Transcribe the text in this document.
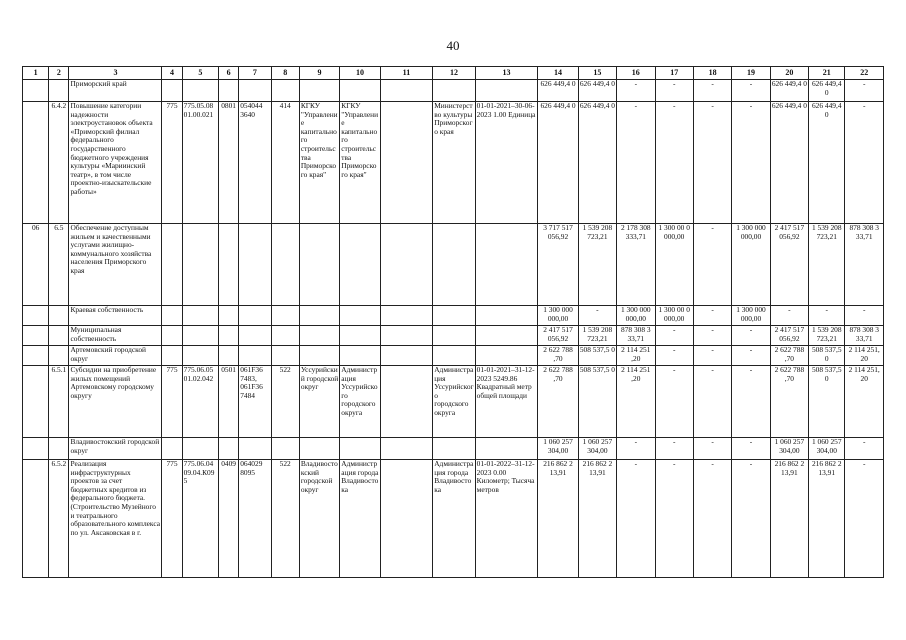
40
1	2	3	4	5	6	7	8	9	10	11	12	13	14	15	16	17	18	19	20	21	22
		Приморский край											626 449,4 0	626 449,4 0	-	-	-	-	626 449,4 0	626 449,4 0	-
	6.4.2	Повышение категории надежности электроустановок объекта «Приморский филиал федерального государственного бюджетного учреждения культуры «Мариинский театр», в том числе проектно-изыскательские работы»	775	775.05.08 01.00.021	0801	054044 3640	414	КГКУ "Управление капитального строительства Приморского края"	КГКУ "Управление капитального строительства Приморского края"		Министерство культуры Приморского края	01-01-2021–30-06-2023 1.00 Единица	626 449,4 0	626 449,4 0	-	-	-	-	626 449,4 0	626 449,4 0	-
06	6.5	Обеспечение доступным жильем и качественными услугами жилищно-коммунального хозяйства населения Приморского края											3 717 517 056,92	1 539 208 723,21	2 178 308 333,71	1 300 00 0 000,00	-	1 300 000 000,00	2 417 517 056,92	1 539 208 723,21	878 308 3 33,71
		Краевая собственность											1 300 000 000,00	-	1 300 000 000,00	1 300 00 0 000,00	-	1 300 000 000,00	-	-	-
		Муниципальная собственность											2 417 517 056,92	1 539 208 723,21	878 308 3 33,71	-	-	-	2 417 517 056,92	1 539 208 723,21	878 308 3 33,71
		Артемовский городской округ											2 622 788 ,70	508 537,5 0	2 114 251 ,20	-	-	-	2 622 788 ,70	508 537,5 0	2 114 251, 20
	6.5.1	Субсидии на приобретение жилых помещений Артемовскому городскому округу	775	775.06.05 01.02.042	0501	061F36 7483, 061F36 7484	522	Уссурийский городской округ	Администрация Уссурийского городского округа		Администрация Уссурийского городского округа	01-01-2021–31-12-2023 5249.86 Квадратный метр общей площади	2 622 788 ,70	508 537,5 0	2 114 251 ,20	-	-	-	2 622 788 ,70	508 537,5 0	2 114 251, 20
		Владивостокский городской округ											1 060 257 304,00	1 060 257 304,00	-	-	-	-	1 060 257 304,00	1 060 257 304,00	-
	6.5.2	Реализация инфраструктурных проектов за счет бюджетных кредитов из федерального бюджета. (Строительство Музейного и театрального образовательного комплекса по ул. Аксаковская в г.	775	775.06.04 09.04.К09 5	0409	064029 8095	522	Владивостокский городской округ	Администрация города Владивостока		Администрация города Владивостока	01-01-2022–31-12-2023 0.00 Километр; Тысяча метров	216 862 2 13,91	216 862 2 13,91	-	-	-	-	216 862 2 13,91	216 862 2 13,91	-
